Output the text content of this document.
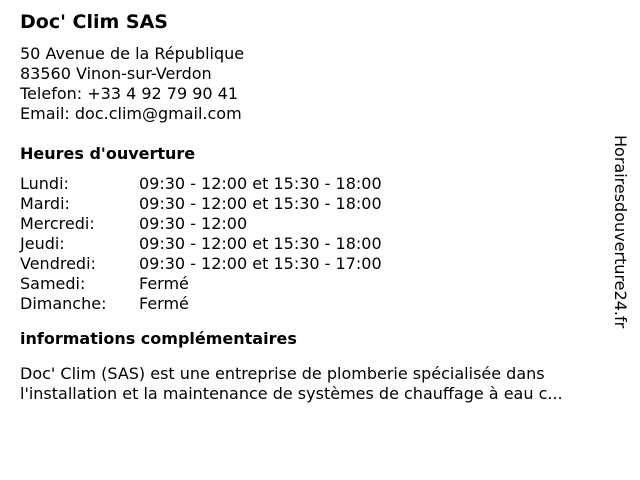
Doc' Clim SAS
50 Avenue de la République
83560 Vinon-sur-Verdon
Telefon: +33 4 92 79 90 41
Email: doc.clim@gmail.com
Heures d'ouverture
Lundi:	09:30 - 12:00 et 15:30 - 18:00
Mardi:	09:30 - 12:00 et 15:30 - 18:00
Mercredi:	09:30 - 12:00
Jeudi:	09:30 - 12:00 et 15:30 - 18:00
Vendredi:	09:30 - 12:00 et 15:30 - 17:00
Samedi:	Fermé
Dimanche:	Fermé
informations complémentaires
Doc' Clim (SAS) est une entreprise de plomberie spécialisée dans
l'installation et la maintenance de systèmes de chauffage à eau c...
Horairesdouverture24.fr
